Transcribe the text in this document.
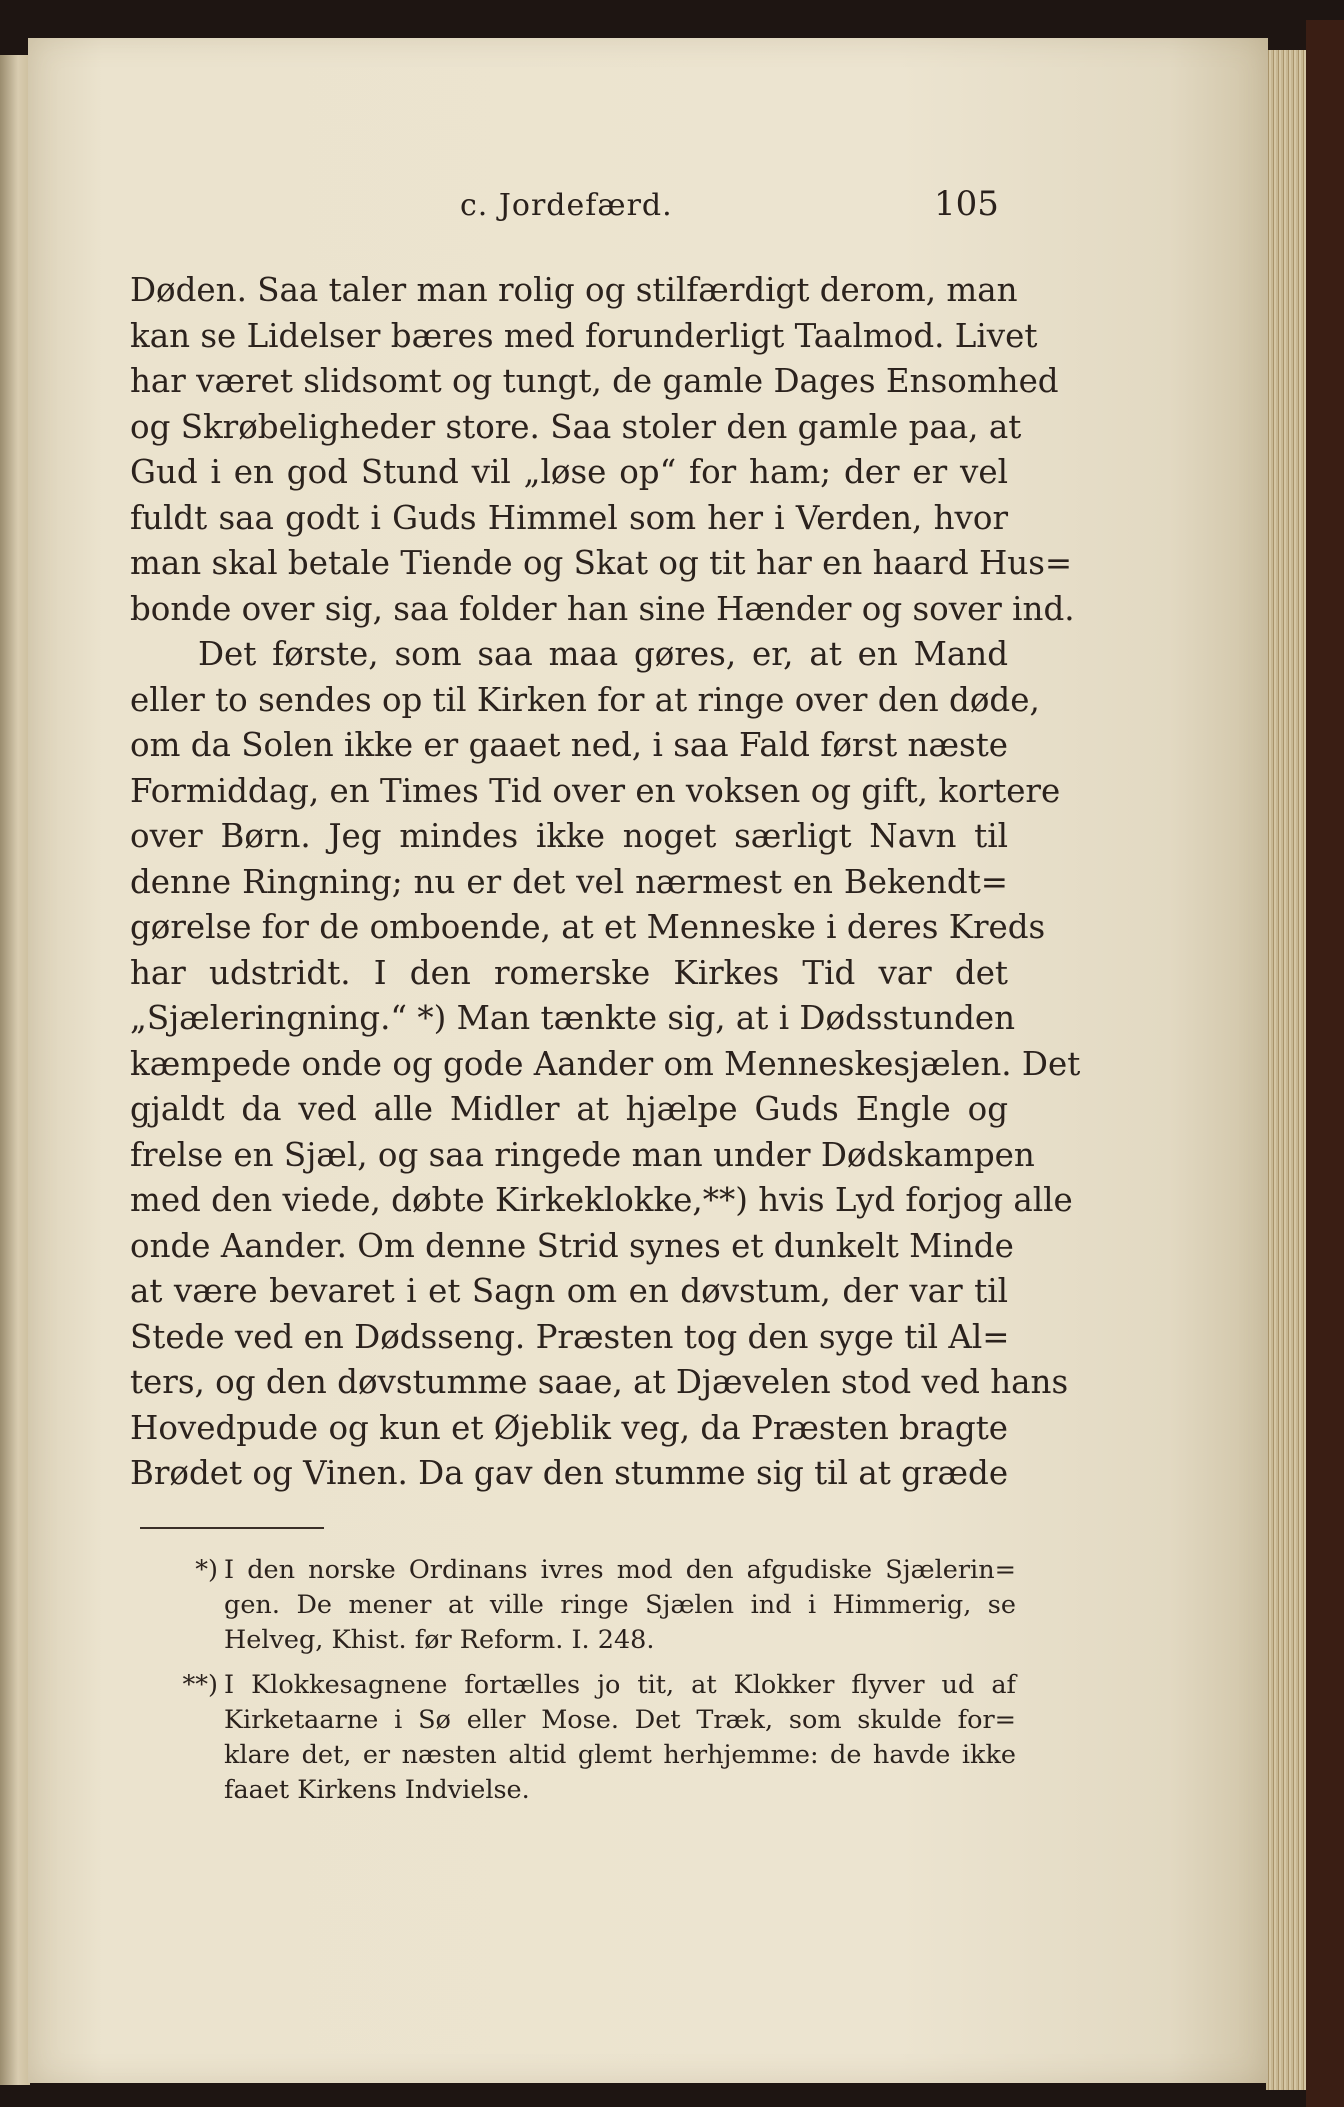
c. Jordefærd.	105
Døden. Saa taler man rolig og stilfærdigt derom, man
kan se Lidelser bæres med forunderligt Taalmod. Livet
har været slidsomt og tungt, de gamle Dages Ensomhed
og Skrøbeligheder store. Saa stoler den gamle paa, at
Gud i en god Stund vil „løse op“ for ham; der er vel
fuldt saa godt i Guds Himmel som her i Verden, hvor
man skal betale Tiende og Skat og tit har en haard Hus=
bonde over sig, saa folder han sine Hænder og sover ind.
Det første, som saa maa gøres, er, at en Mand
eller to sendes op til Kirken for at ringe over den døde,
om da Solen ikke er gaaet ned, i saa Fald først næste
Formiddag, en Times Tid over en voksen og gift, kortere
over Børn. Jeg mindes ikke noget særligt Navn til
denne Ringning; nu er det vel nærmest en Bekendt=
gørelse for de omboende, at et Menneske i deres Kreds
har udstridt. I den romerske Kirkes Tid var det
„Sjæleringning.“ *) Man tænkte sig, at i Dødsstunden
kæmpede onde og gode Aander om Menneskesjælen. Det
gjaldt da ved alle Midler at hjælpe Guds Engle og
frelse en Sjæl, og saa ringede man under Dødskampen
med den viede, døbte Kirkeklokke,**) hvis Lyd forjog alle
onde Aander. Om denne Strid synes et dunkelt Minde
at være bevaret i et Sagn om en døvstum, der var til
Stede ved en Dødsseng. Præsten tog den syge til Al=
ters, og den døvstumme saae, at Djævelen stod ved hans
Hovedpude og kun et Øjeblik veg, da Præsten bragte
Brødet og Vinen. Da gav den stumme sig til at græde
*) I den norske Ordinans ivres mod den afgudiske Sjælerin=
gen. De mener at ville ringe Sjælen ind i Himmerig, se
Helveg, Khist. før Reform. I. 248.
**) I Klokkesagnene fortælles jo tit, at Klokker flyver ud af
Kirketaarne i Sø eller Mose. Det Træk, som skulde for=
klare det, er næsten altid glemt herhjemme: de havde ikke
faaet Kirkens Indvielse.
